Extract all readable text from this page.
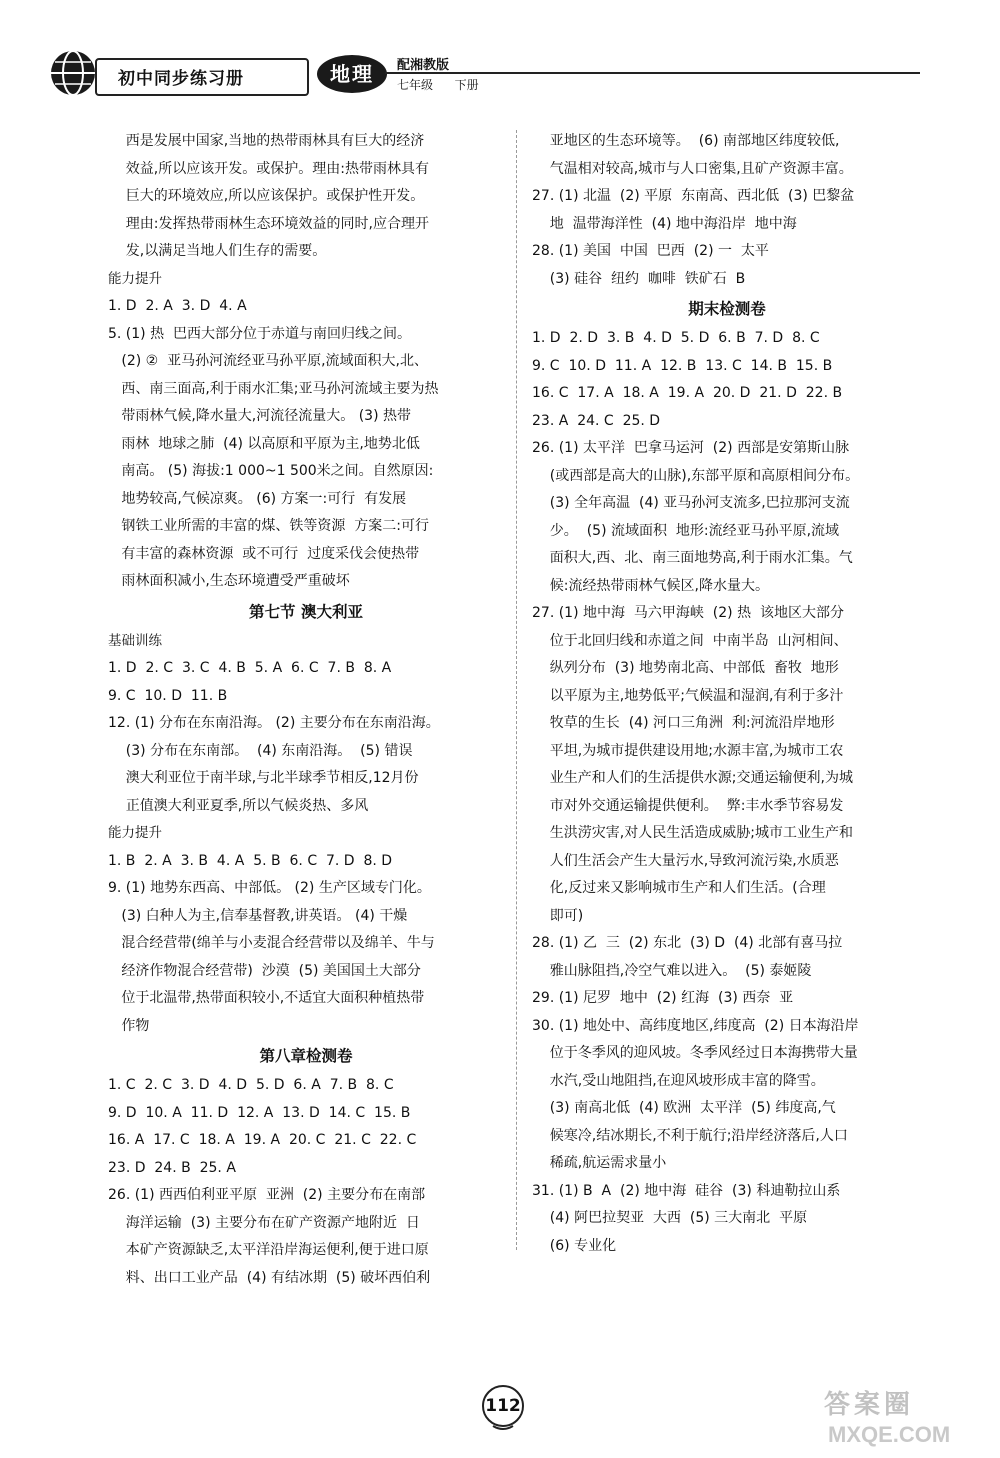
初中同步练习册	地理	配湘教版
七年级 下册
西是发展中国家,当地的热带雨林具有巨大的经济
效益,所以应该开发。或保护。理由:热带雨林具有
巨大的环境效应,所以应该保护。或保护性开发。
理由:发挥热带雨林生态环境效益的同时,应合理开
发,以满足当地人们生存的需要。
能力提升
1. D  2. A  3. D  4. A
5. (1) 热  巴西大部分位于赤道与南回归线之间。
(2) ②  亚马孙河流经亚马孙平原,流域面积大,北、
西、南三面高,利于雨水汇集;亚马孙河流域主要为热
带雨林气候,降水量大,河流径流量大。 (3) 热带
雨林  地球之肺  (4) 以高原和平原为主,地势北低
南高。 (5) 海拔:1 000~1 500米之间。自然原因:
地势较高,气候凉爽。 (6) 方案一:可行  有发展
钢铁工业所需的丰富的煤、铁等资源  方案二:可行
有丰富的森林资源  或不可行  过度采伐会使热带
雨林面积减小,生态环境遭受严重破坏
第七节 澳大利亚
基础训练
1. D  2. C  3. C  4. B  5. A  6. C  7. B  8. A
9. C  10. D  11. B
12. (1) 分布在东南沿海。 (2) 主要分布在东南沿海。
(3) 分布在东南部。  (4) 东南沿海。  (5) 错误
澳大利亚位于南半球,与北半球季节相反,12月份
正值澳大利亚夏季,所以气候炎热、多风
能力提升
1. B  2. A  3. B  4. A  5. B  6. C  7. D  8. D
9. (1) 地势东西高、中部低。 (2) 生产区域专门化。
(3) 白种人为主,信奉基督教,讲英语。 (4) 干燥
混合经营带(绵羊与小麦混合经营带以及绵羊、牛与
经济作物混合经营带)  沙漠  (5) 美国国土大部分
位于北温带,热带面积较小,不适宜大面积种植热带
作物
第八章检测卷
1. C  2. C  3. D  4. D  5. D  6. A  7. B  8. C
9. D  10. A  11. D  12. A  13. D  14. C  15. B
16. A  17. C  18. A  19. A  20. C  21. C  22. C
23. D  24. B  25. A
26. (1) 西西伯利亚平原  亚洲  (2) 主要分布在南部
海洋运输  (3) 主要分布在矿产资源产地附近  日
本矿产资源缺乏,太平洋沿岸海运便利,便于进口原
料、出口工业产品  (4) 有结冰期  (5) 破坏西伯利
亚地区的生态环境等。  (6) 南部地区纬度较低,
气温相对较高,城市与人口密集,且矿产资源丰富。
27. (1) 北温  (2) 平原  东南高、西北低  (3) 巴黎盆
地  温带海洋性  (4) 地中海沿岸  地中海
28. (1) 美国  中国  巴西  (2) 一  太平
(3) 硅谷  纽约  咖啡  铁矿石  B
期末检测卷
1. D  2. D  3. B  4. D  5. D  6. B  7. D  8. C
9. C  10. D  11. A  12. B  13. C  14. B  15. B
16. C  17. A  18. A  19. A  20. D  21. D  22. B
23. A  24. C  25. D
26. (1) 太平洋  巴拿马运河  (2) 西部是安第斯山脉
(或西部是高大的山脉),东部平原和高原相间分布。
(3) 全年高温  (4) 亚马孙河支流多,巴拉那河支流
少。  (5) 流域面积  地形:流经亚马孙平原,流域
面积大,西、北、南三面地势高,利于雨水汇集。气
候:流经热带雨林气候区,降水量大。
27. (1) 地中海  马六甲海峡  (2) 热  该地区大部分
位于北回归线和赤道之间  中南半岛  山河相间、
纵列分布  (3) 地势南北高、中部低  畜牧  地形
以平原为主,地势低平;气候温和湿润,有利于多汁
牧草的生长  (4) 河口三角洲  利:河流沿岸地形
平坦,为城市提供建设用地;水源丰富,为城市工农
业生产和人们的生活提供水源;交通运输便利,为城
市对外交通运输提供便利。  弊:丰水季节容易发
生洪涝灾害,对人民生活造成威胁;城市工业生产和
人们生活会产生大量污水,导致河流污染,水质恶
化,反过来又影响城市生产和人们生活。(合理
即可)
28. (1) 乙  三  (2) 东北  (3) D  (4) 北部有喜马拉
雅山脉阻挡,冷空气难以进入。  (5) 泰姬陵
29. (1) 尼罗  地中  (2) 红海  (3) 西奈  亚
30. (1) 地处中、高纬度地区,纬度高  (2) 日本海沿岸
位于冬季风的迎风坡。冬季风经过日本海携带大量
水汽,受山地阻挡,在迎风坡形成丰富的降雪。
(3) 南高北低  (4) 欧洲  太平洋  (5) 纬度高,气
候寒冷,结冰期长,不利于航行;沿岸经济落后,人口
稀疏,航运需求量小
31. (1) B  A  (2) 地中海  硅谷  (3) 科迪勒拉山系
(4) 阿巴拉契亚  大西  (5) 三大南北  平原
(6) 专业化
112	答案圈
MXQE.COM
